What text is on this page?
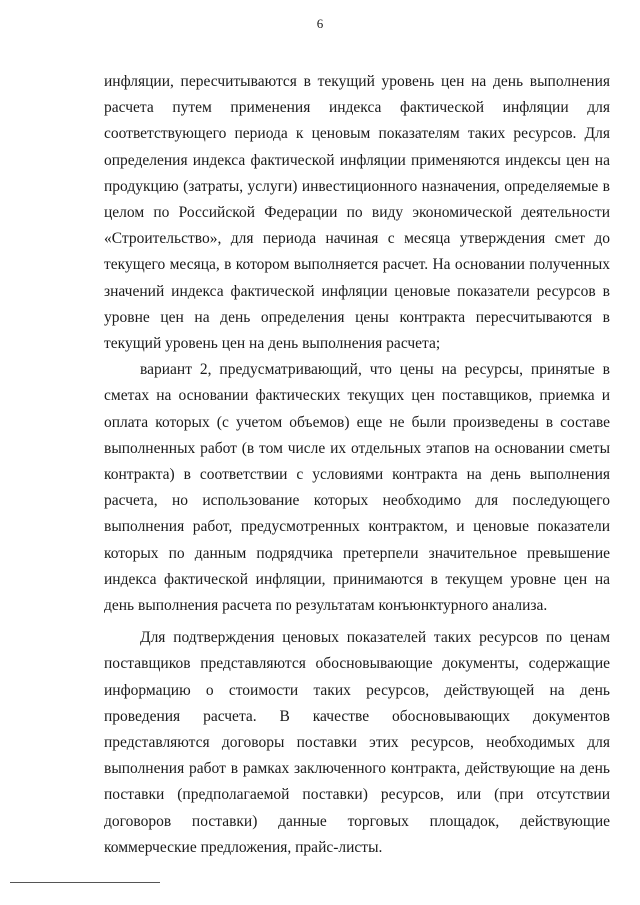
6

инфляции, пересчитываются в текущий уровень цен на день выполнения расчета путем применения индекса фактической инфляции для соответствующего периода к ценовым показателям таких ресурсов. Для определения индекса фактической инфляции применяются индексы цен на продукцию (затраты, услуги) инвестиционного назначения, определяемые в целом по Российской Федерации по виду экономической деятельности «Строительство», для периода начиная с месяца утверждения смет до текущего месяца, в котором выполняется расчет. На основании полученных значений индекса фактической инфляции ценовые показатели ресурсов в уровне цен на день определения цены контракта пересчитываются в текущий уровень цен на день выполнения расчета;

вариант 2, предусматривающий, что цены на ресурсы, принятые в сметах на основании фактических текущих цен поставщиков, приемка и оплата которых (с учетом объемов) еще не были произведены в составе выполненных работ (в том числе их отдельных этапов на основании сметы контракта) в соответствии с условиями контракта на день выполнения расчета, но использование которых необходимо для последующего выполнения работ, предусмотренных контрактом, и ценовые показатели которых по данным подрядчика претерпели значительное превышение индекса фактической инфляции, принимаются в текущем уровне цен на день выполнения расчета по результатам конъюнктурного анализа.

Для подтверждения ценовых показателей таких ресурсов по ценам поставщиков представляются обосновывающие документы, содержащие информацию о стоимости таких ресурсов, действующей на день проведения расчета. В качестве обосновывающих документов представляются договоры поставки этих ресурсов, необходимых для выполнения работ в рамках заключенного контракта, действующие на день поставки (предполагаемой поставки) ресурсов, или (при отсутствии договоров поставки) данные торговых площадок, действующие коммерческие предложения, прайс-листы.
